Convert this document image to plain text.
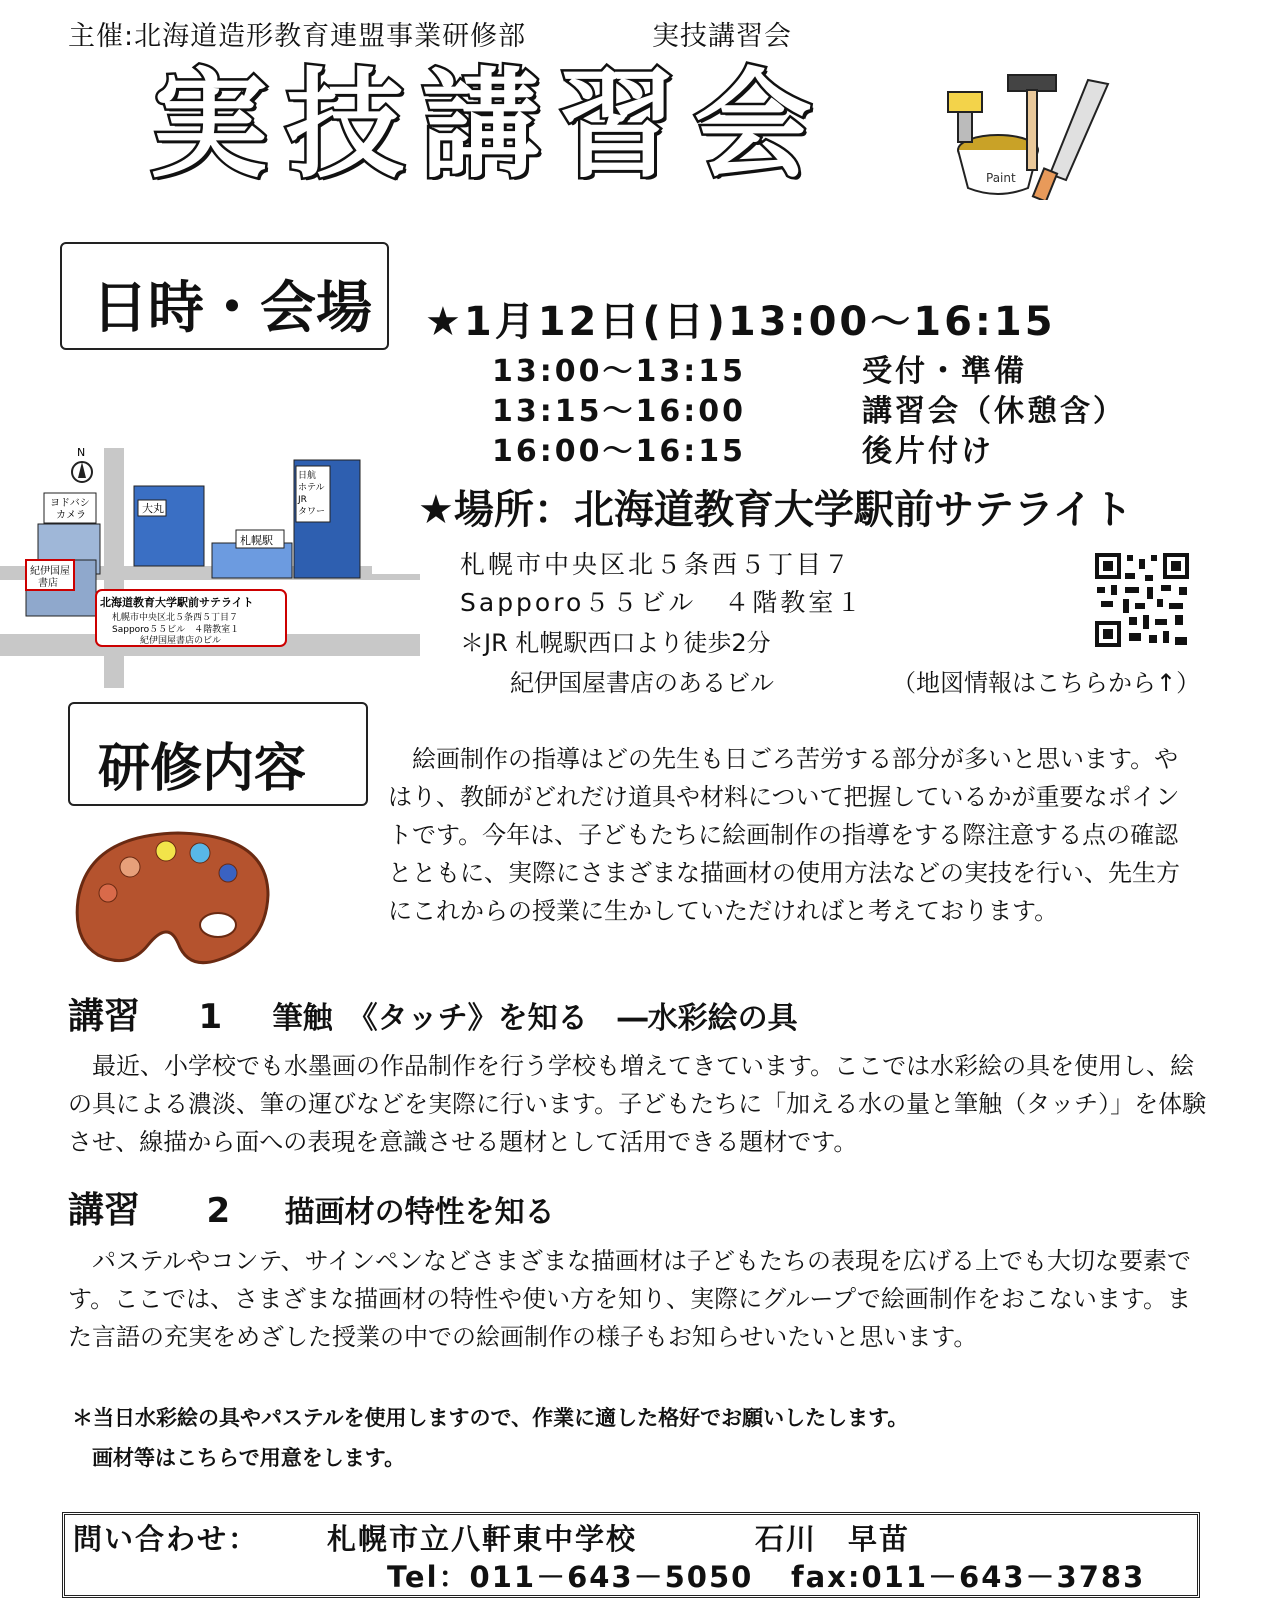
主催:北海道造形教育連盟事業研修部	実技講習会
実技講習会	Paint
日時・会場 ★1月12日(日)13:00～16:15
13:00～13:15	受付・準備
13:15～16:00	講習会（休憩含）
16:00～16:15	後片付け
★場所：北海道教育大学駅前サテライト
札幌市中央区北５条西５丁目７
Sapporo５５ビル　４階教室１
＊JR 札幌駅西口より徒歩2分
紀伊国屋書店のあるビル	（地図情報はこちらから↑）
N
ヨドバシ
カメラ
紀伊国屋
書店
大丸
札幌駅
日航
ホテル
JR
タワー
北海道教育大学駅前サテライト
札幌市中央区北５条西５丁目７
Sapporo５５ビル　４階教室１
紀伊国屋書店のビル
研修内容	　絵画制作の指導はどの先生も日ごろ苦労する部分が多いと思います。やはり、教師がどれだけ道具や材料について把握しているかが重要なポイントです。今年は、子どもたちに絵画制作の指導をする際注意する点の確認とともに、実際にさまざまな描画材の使用方法などの実技を行い、先生方にこれからの授業に生かしていただければと考えております。
講習 1 筆触　《タッチ》を知る　―水彩絵の具
　最近、小学校でも水墨画の作品制作を行う学校も増えてきています。ここでは水彩絵の具を使用し、絵の具による濃淡、筆の運びなどを実際に行います。子どもたちに「加える水の量と筆触（タッチ）」を体験させ、線描から面への表現を意識させる題材として活用できる題材です。
講習 2 描画材の特性を知る
　パステルやコンテ、サインペンなどさまざまな描画材は子どもたちの表現を広げる上でも大切な要素です。ここでは、さまざまな描画材の特性や使い方を知り、実際にグループで絵画制作をおこないます。また言語の充実をめざした授業の中での絵画制作の様子もお知らせいたいと思います。
＊当日水彩絵の具やパステルを使用しますので、作業に適した格好でお願いしたします。
画材等はこちらで用意をします。
問い合わせ： 札幌市立八軒東中学校	石川　早苗
Tel：011－643－5050 fax:011－643－3783
